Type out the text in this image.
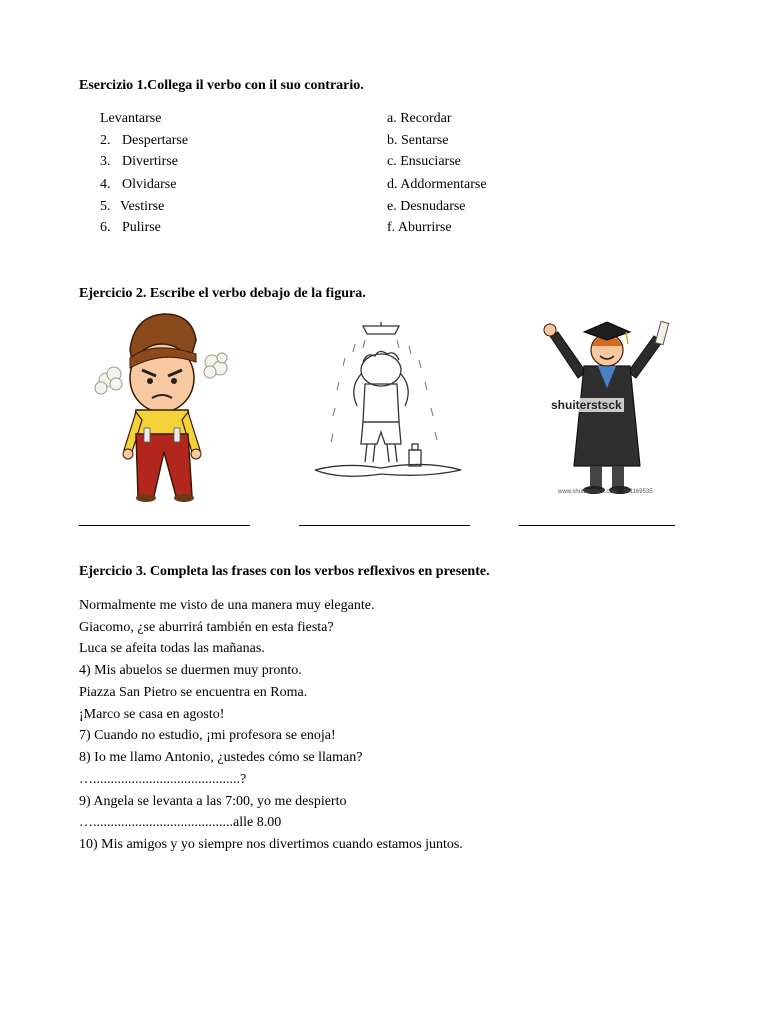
Esercizio 1.Collega il verbo con il suo contrario.
Levantarse
2. Despertarse
3. Divertirse
4. Olvidarse
5. Vestirse
6. Pulirse
a. Recordar
b. Sentarse
c. Ensuciarse
d. Addormentarse
e. Desnudarse
f. Aburrirse
Ejercicio 2. Escribe el verbo debajo de la figura.
shuiterstsck
www.shutterstock.com · 491169535
Ejercicio 3. Completa las frases con los verbos reflexivos en presente.
Normalmente me visto de una manera muy elegante.
Giacomo, ¿se aburrirá también en esta fiesta?
Luca se afeita todas las mañanas.
4) Mis abuelos se duermen muy pronto.
Piazza San Pietro se encuentra en Roma.
¡Marco se casa en agosto!
7) Cuando no estudio, ¡mi profesora se enoja!
8) Io me llamo Antonio, ¿ustedes cómo se llaman?
…..........................................?
9) Angela se levanta a las 7:00, yo me despierto
…........................................alle 8.00
10) Mis amigos y yo siempre nos divertimos cuando estamos juntos.
